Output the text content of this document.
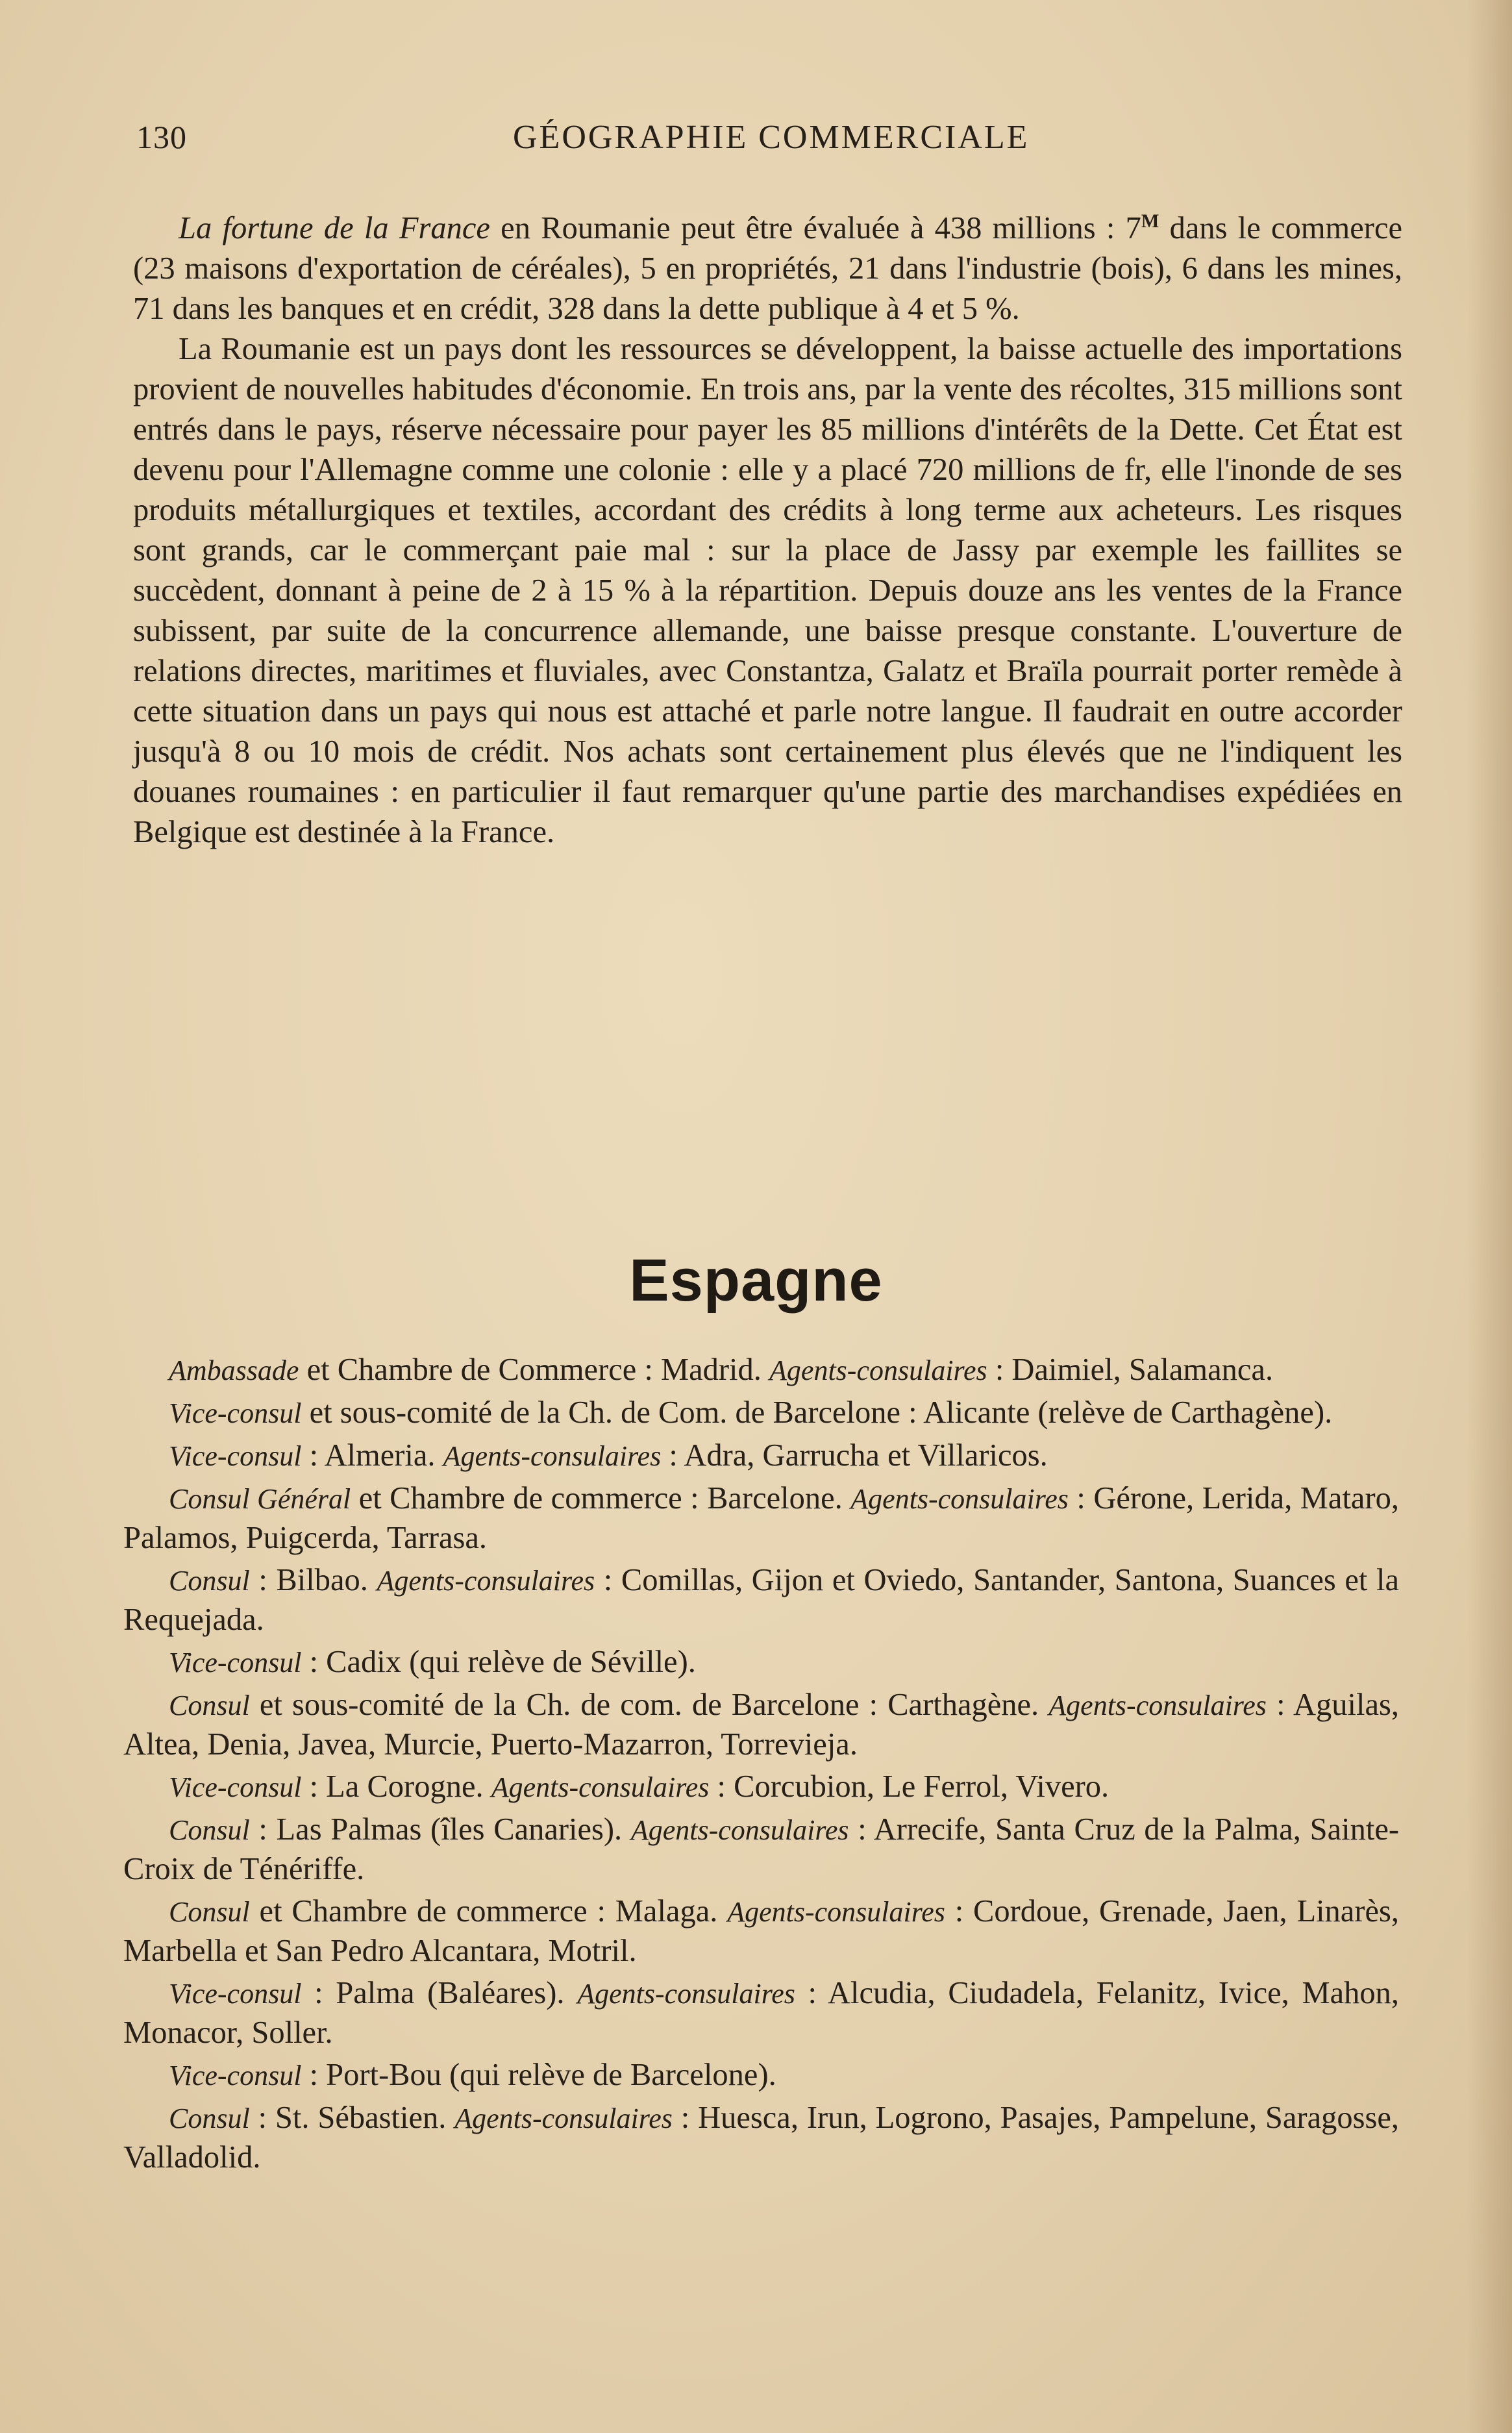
130	GÉOGRAPHIE COMMERCIALE

La fortune de la France en Roumanie peut être évaluée à 438 millions : $7^M$ dans le commerce (23 maisons d'exportation de céréales), 5 en propriétés, 21 dans l'industrie (bois), 6 dans les mines, 71 dans les banques et en crédit, 328 dans la dette publique à 4 et 5 %.

La Roumanie est un pays dont les ressources se développent, la baisse actuelle des importations provient de nouvelles habitudes d'économie. En trois ans, par la vente des récoltes, 315 millions sont entrés dans le pays, réserve nécessaire pour payer les 85 millions d'intérêts de la Dette. Cet État est devenu pour l'Allemagne comme une colonie : elle y a placé 720 millions de fr, elle l'inonde de ses produits métallurgiques et textiles, accordant des crédits à long terme aux acheteurs. Les risques sont grands, car le commerçant paie mal : sur la place de Jassy par exemple les faillites se succèdent, donnant à peine de 2 à 15 % à la répartition. Depuis douze ans les ventes de la France subissent, par suite de la concurrence allemande, une baisse presque constante. L'ouverture de relations directes, maritimes et fluviales, avec Constantza, Galatz et Braïla pourrait porter remède à cette situation dans un pays qui nous est attaché et parle notre langue. Il faudrait en outre accorder jusqu'à 8 ou 10 mois de crédit. Nos achats sont certainement plus élevés que ne l'indiquent les douanes roumaines : en particulier il faut remarquer qu'une partie des marchandises expédiées en Belgique est destinée à la France.

Espagne

Ambassade et Chambre de Commerce : Madrid. Agents-consulaires : Daimiel, Salamanca.

Vice-consul et sous-comité de la Ch. de Com. de Barcelone : Alicante (relève de Carthagène).

Vice-consul : Almeria. Agents-consulaires : Adra, Garrucha et Villaricos.

Consul Général et Chambre de commerce : Barcelone. Agents-consulaires : Gérone, Lerida, Mataro, Palamos, Puigcerda, Tarrasa.

Consul : Bilbao. Agents-consulaires : Comillas, Gijon et Oviedo, Santander, Santona, Suances et la Requejada.

Vice-consul : Cadix (qui relève de Séville).

Consul et sous-comité de la Ch. de com. de Barcelone : Carthagène. Agents-consulaires : Aguilas, Altea, Denia, Javea, Murcie, Puerto-Mazarron, Torrevieja.

Vice-consul : La Corogne. Agents-consulaires : Corcubion, Le Ferrol, Vivero.

Consul : Las Palmas (îles Canaries). Agents-consulaires : Arrecife, Santa Cruz de la Palma, Sainte-Croix de Ténériffe.

Consul et Chambre de commerce : Malaga. Agents-consulaires : Cordoue, Grenade, Jaen, Linarès, Marbella et San Pedro Alcantara, Motril.

Vice-consul : Palma (Baléares). Agents-consulaires : Alcudia, Ciudadela, Felanitz, Ivice, Mahon, Monacor, Soller.

Vice-consul : Port-Bou (qui relève de Barcelone).

Consul : St. Sébastien. Agents-consulaires : Huesca, Irun, Logrono, Pasajes, Pampelune, Saragosse, Valladolid.
